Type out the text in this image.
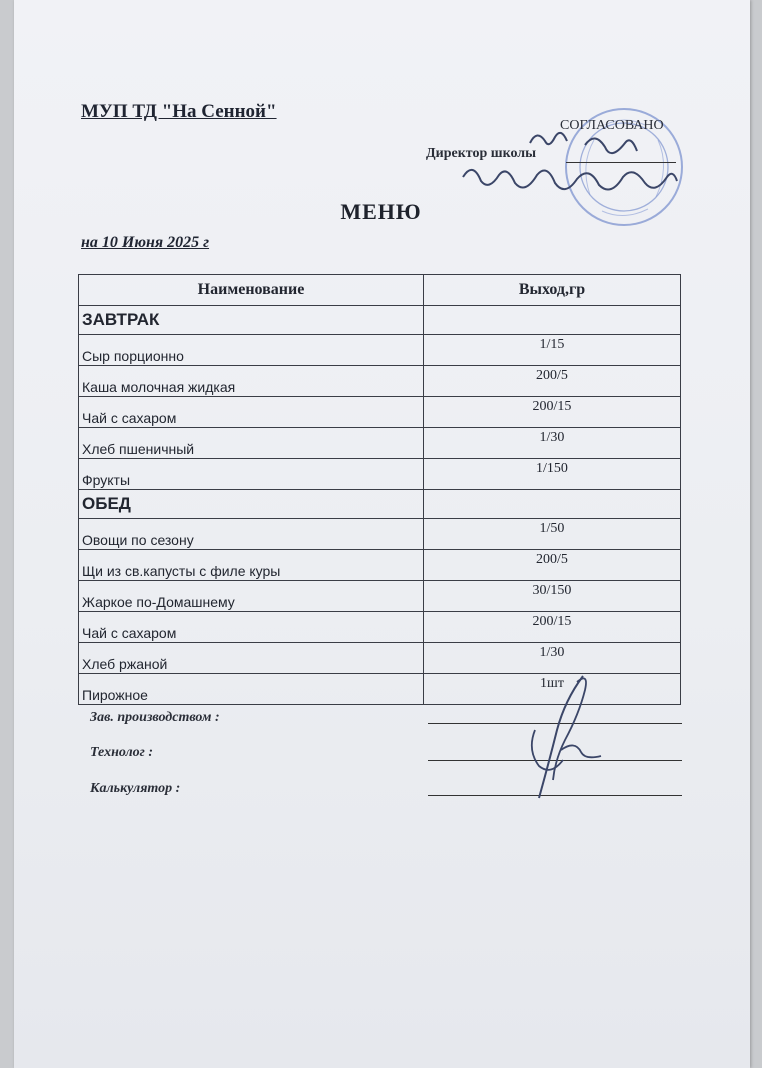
МУП ТД "На Сенной"
СОГЛАСОВАНО
Директор школы
МЕНЮ
на 10 Июня 2025 г
Наименование	Выход,гр
ЗАВТРАК	
Сыр порционно	1/15
Каша молочная жидкая	200/5
Чай с сахаром	200/15
Хлеб пшеничный	1/30
Фрукты	1/150
ОБЕД	
Овощи по сезону	1/50
Щи из св.капусты с филе куры	200/5
Жаркое по-Домашнему	30/150
Чай с сахаром	200/15
Хлеб ржаной	1/30
Пирожное	1шт
Зав. производством :
Технолог :
Калькулятор :
